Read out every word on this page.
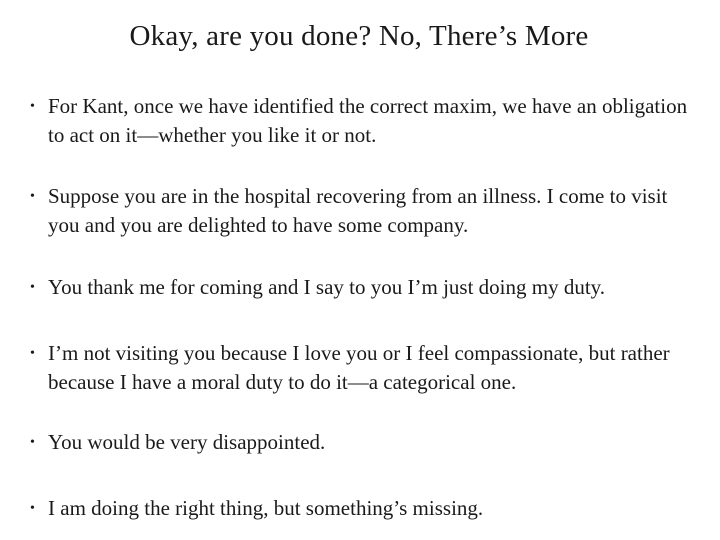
Okay, are you done? No, There’s More
• For Kant, once we have identified the correct maxim, we have an obligation to act on it—whether you like it or not.
• Suppose you are in the hospital recovering from an illness. I come to visit you and you are delighted to have some company.
• You thank me for coming and I say to you I’m just doing my duty.
• I’m not visiting you because I love you or I feel compassionate, but rather because I have a moral duty to do it—a categorical one.
• You would be very disappointed.
• I am doing the right thing, but something’s missing.
